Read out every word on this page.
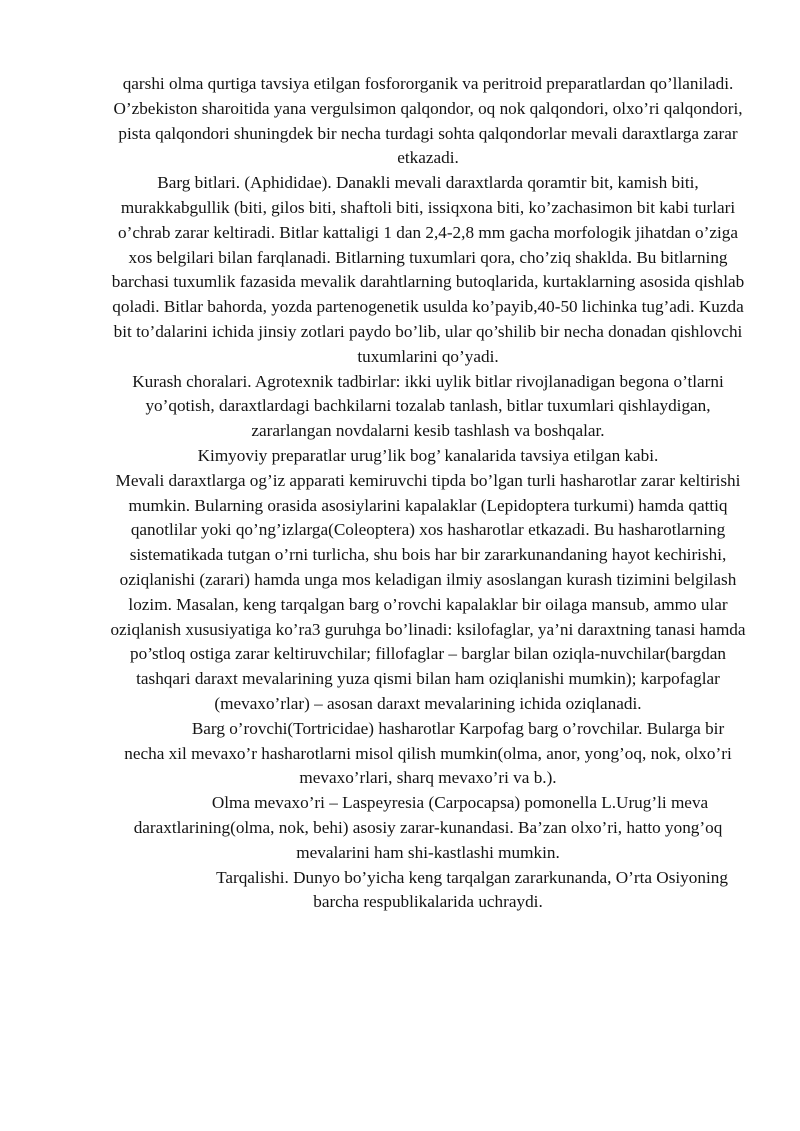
qarshi olma qurtiga tavsiya etilgan fosfororganik va peritroid preparatlardan qo’llaniladi.

O’zbekiston sharoitida yana vergulsimon qalqondor, oq nok qalqondori, olxo’ri qalqondori, pista qalqondori shuningdek bir necha turdagi sohta qalqondorlar mevali daraxtlarga zarar etkazadi.

Barg bitlari. (Aphididae). Danakli mevali daraxtlarda qoramtir bit, kamish biti, murakkabgullik (biti, gilos biti, shaftoli biti, issiqxona biti, ko’zachasimon bit kabi turlari o’chrab zarar keltiradi. Bitlar kattaligi 1 dan 2,4-2,8 mm gacha morfologik jihatdan o’ziga xos belgilari bilan farqlanadi. Bitlarning tuxumlari qora, cho’ziq shaklda. Bu bitlarning barchasi tuxumlik fazasida mevalik darahtlarning butoqlarida, kurtaklarning asosida qishlab qoladi. Bitlar bahorda, yozda partenogenetik usulda ko’payib,40-50 lichinka tug’adi. Kuzda bit to’dalarini ichida jinsiy zotlari paydo bo’lib, ular qo’shilib bir necha donadan qishlovchi tuxumlarini qo’yadi.

Kurash choralari. Agrotexnik tadbirlar: ikki uylik bitlar rivojlanadigan begona o’tlarni yo’qotish, daraxtlardagi bachkilarni tozalab tanlash, bitlar tuxumlari qishlaydigan, zararlangan novdalarni kesib tashlash va boshqalar.

Kimyoviy preparatlar urug’lik bog’ kanalarida tavsiya etilgan kabi.

Mevali daraxtlarga og’iz apparati kemiruvchi tipda bo’lgan turli hasharotlar zarar keltirishi mumkin. Bularning orasida asosiylarini kapalaklar (Lepidoptera turkumi) hamda qattiq qanotlilar yoki qo’ng’izlarga(Coleoptera) xos hasharotlar etkazadi. Bu hasharotlarning sistematikada tutgan o’rni turlicha, shu bois har bir zararkunandaning hayot kechirishi, oziqlanishi (zarari) hamda unga mos keladigan ilmiy asoslangan kurash tizimini belgilash lozim. Masalan, keng tarqalgan barg o’rovchi kapalaklar bir oilaga mansub, ammo ular oziqlanish xususiyatiga ko’ra3 guruhga bo’linadi: ksilofaglar, ya’ni daraxtning tanasi hamda po’stloq ostiga zarar keltiruvchilar; fillofaglar – barglar bilan oziqla-nuvchilar(bargdan tashqari daraxt mevalarining yuza qismi bilan ham oziqlanishi mumkin); karpofaglar (mevaxo’rlar) – asosan daraxt mevalarining ichida oziqlanadi.

Barg o’rovchi(Tortricidae) hasharotlar Karpofag barg o’rovchilar. Bularga bir necha xil mevaxo’r hasharotlarni misol qilish mumkin(olma, anor, yong’oq, nok, olxo’ri mevaxo’rlari, sharq mevaxo’ri va b.).

Olma mevaxo’ri – Laspeyresia (Carpocapsa) pomonella L.Urug’li meva daraxtlarining(olma, nok, behi) asosiy zarar-kunandasi. Ba’zan olxo’ri, hatto yong’oq mevalarini ham shi-kastlashi mumkin.

Tarqalishi. Dunyo bo’yicha keng tarqalgan zararkunanda, O’rta Osiyoning barcha respublikalarida uchraydi.
